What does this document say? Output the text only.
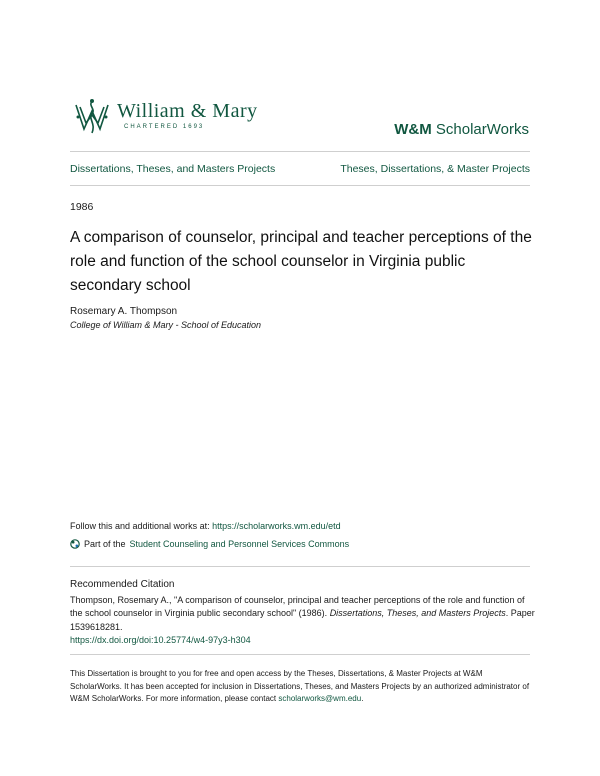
William & Mary
CHARTERED 1693	W&M ScholarWorks
Dissertations, Theses, and Masters Projects	Theses, Dissertations, & Master Projects
1986
A comparison of counselor, principal and teacher perceptions of the role and function of the school counselor in Virginia public secondary school
Rosemary A. Thompson
College of William & Mary - School of Education
Follow this and additional works at: https://scholarworks.wm.edu/etd
Part of the Student Counseling and Personnel Services Commons
Recommended Citation
Thompson, Rosemary A., "A comparison of counselor, principal and teacher perceptions of the role and function of the school counselor in Virginia public secondary school" (1986). Dissertations, Theses, and Masters Projects. Paper 1539618281.
https://dx.doi.org/doi:10.25774/w4-97y3-h304
This Dissertation is brought to you for free and open access by the Theses, Dissertations, & Master Projects at W&M ScholarWorks. It has been accepted for inclusion in Dissertations, Theses, and Masters Projects by an authorized administrator of W&M ScholarWorks. For more information, please contact scholarworks@wm.edu.
